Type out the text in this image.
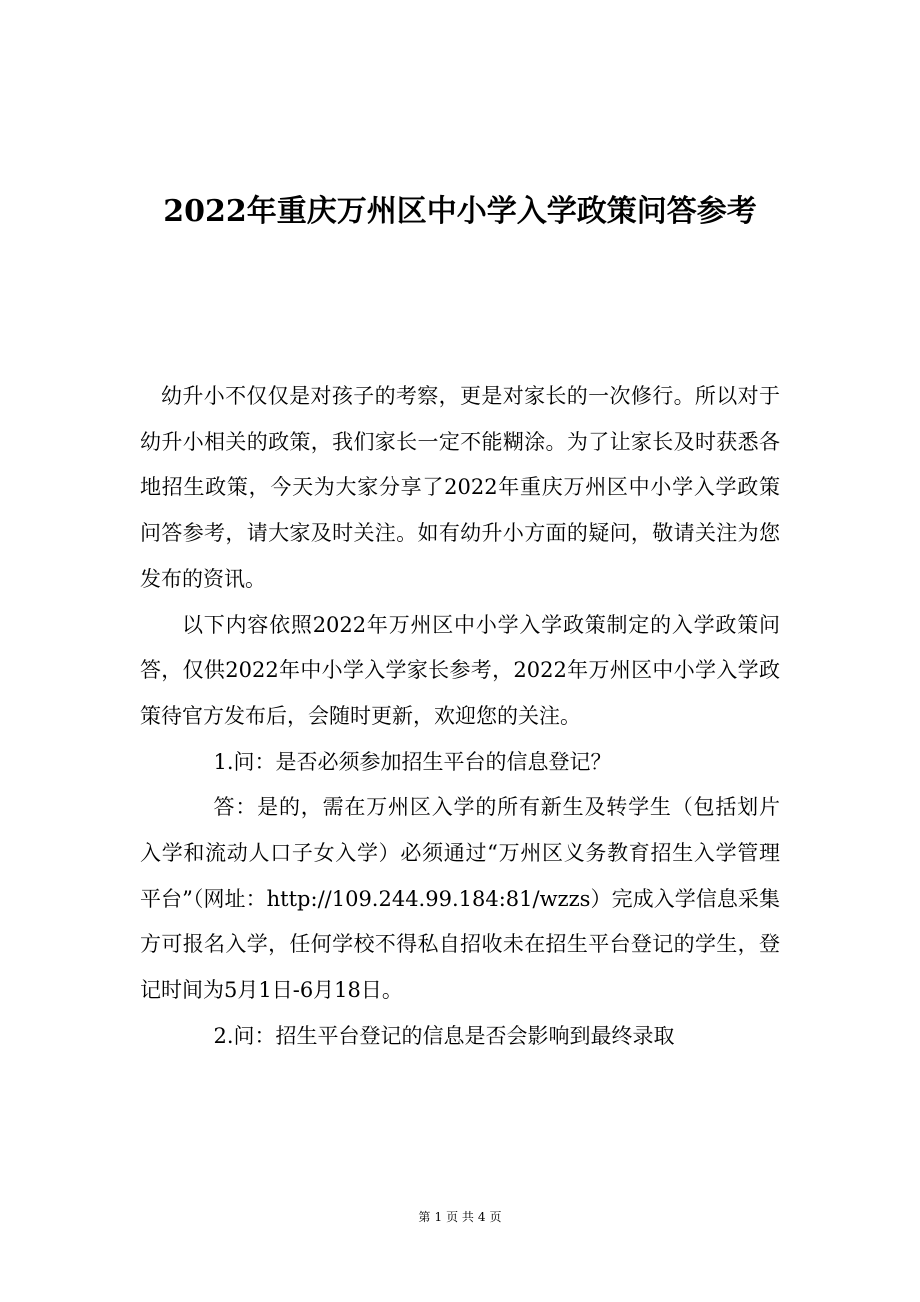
2022年重庆万州区中小学入学政策问答参考

幼升小不仅仅是对孩子的考察，更是对家长的一次修行。所以对于幼升小相关的政策，我们家长一定不能糊涂。为了让家长及时获悉各地招生政策，今天为大家分享了2022年重庆万州区中小学入学政策问答参考，请大家及时关注。如有幼升小方面的疑问，敬请关注为您发布的资讯。

以下内容依照2022年万州区中小学入学政策制定的入学政策问答，仅供2022年中小学入学家长参考，2022年万州区中小学入学政策待官方发布后，会随时更新，欢迎您的关注。

1.问：是否必须参加招生平台的信息登记？

答：是的，需在万州区入学的所有新生及转学生（包括划片入学和流动人口子女入学）必须通过“万州区义务教育招生入学管理平台”（网址：http://109.244.99.184:81/wzzs）完成入学信息采集方可报名入学，任何学校不得私自招收未在招生平台登记的学生，登记时间为5月1日-6月18日。

2.问：招生平台登记的信息是否会影响到最终录取

第 1 页 共 4 页
